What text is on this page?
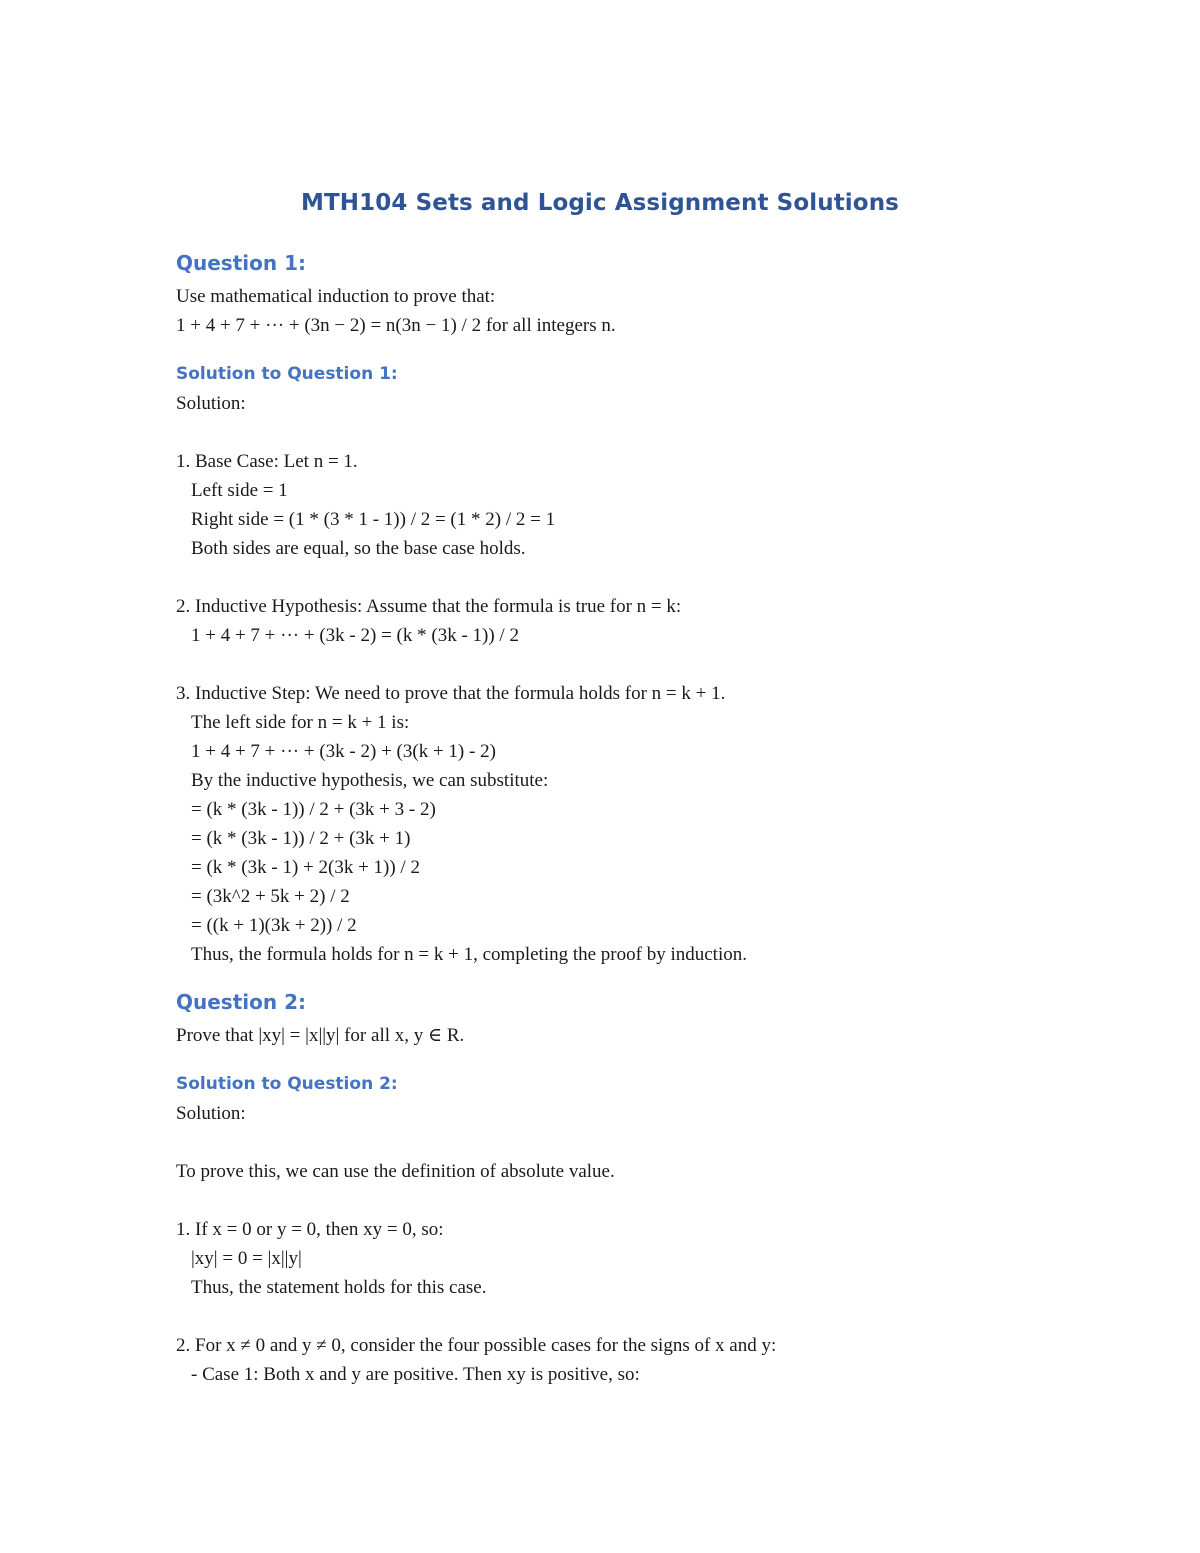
MTH104 Sets and Logic Assignment Solutions
Question 1:
Use mathematical induction to prove that:
1 + 4 + 7 + ··· + (3n − 2) = n(3n − 1) / 2 for all integers n.
Solution to Question 1:
Solution:
1. Base Case: Let n = 1.
Left side = 1
Right side = (1 * (3 * 1 - 1)) / 2 = (1 * 2) / 2 = 1
Both sides are equal, so the base case holds.
2. Inductive Hypothesis: Assume that the formula is true for n = k:
1 + 4 + 7 + ··· + (3k - 2) = (k * (3k - 1)) / 2
3. Inductive Step: We need to prove that the formula holds for n = k + 1.
The left side for n = k + 1 is:
1 + 4 + 7 + ··· + (3k - 2) + (3(k + 1) - 2)
By the inductive hypothesis, we can substitute:
= (k * (3k - 1)) / 2 + (3k + 3 - 2)
= (k * (3k - 1)) / 2 + (3k + 1)
= (k * (3k - 1) + 2(3k + 1)) / 2
= (3k^2 + 5k + 2) / 2
= ((k + 1)(3k + 2)) / 2
Thus, the formula holds for n = k + 1, completing the proof by induction.
Question 2:
Prove that |xy| = |x||y| for all x, y ∈ R.
Solution to Question 2:
Solution:
To prove this, we can use the definition of absolute value.
1. If x = 0 or y = 0, then xy = 0, so:
|xy| = 0 = |x||y|
Thus, the statement holds for this case.
2. For x ≠ 0 and y ≠ 0, consider the four possible cases for the signs of x and y:
- Case 1: Both x and y are positive. Then xy is positive, so:
